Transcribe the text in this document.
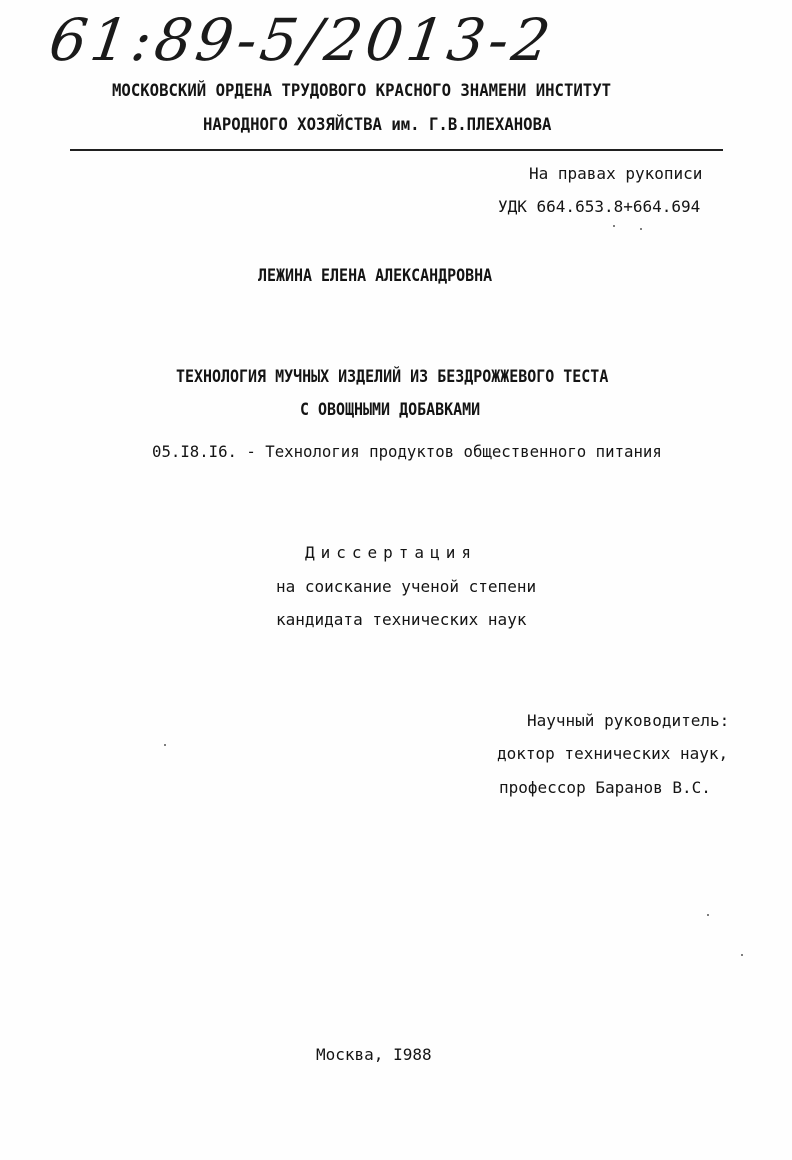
61:89-5/2013-2
МОСКОВСКИЙ ОРДЕНА ТРУДОВОГО КРАСНОГО ЗНАМЕНИ ИНСТИТУТ
НАРОДНОГО ХОЗЯЙСТВА им. Г.В.ПЛЕХАНОВА
На правах рукописи
УДК 664.653.8+664.694
ЛЕЖИНА ЕЛЕНА АЛЕКСАНДРОВНА
ТЕХНОЛОГИЯ МУЧНЫХ ИЗДЕЛИЙ ИЗ БЕЗДРОЖЖЕВОГО ТЕСТА
С ОВОЩНЫМИ ДОБАВКАМИ
05.I8.I6. - Технология продуктов общественного питания
Диссертация
на соискание ученой степени
кандидата технических наук
Научный руководитель:
доктор технических наук,
профессор Баранов В.С.
Москва, I988
